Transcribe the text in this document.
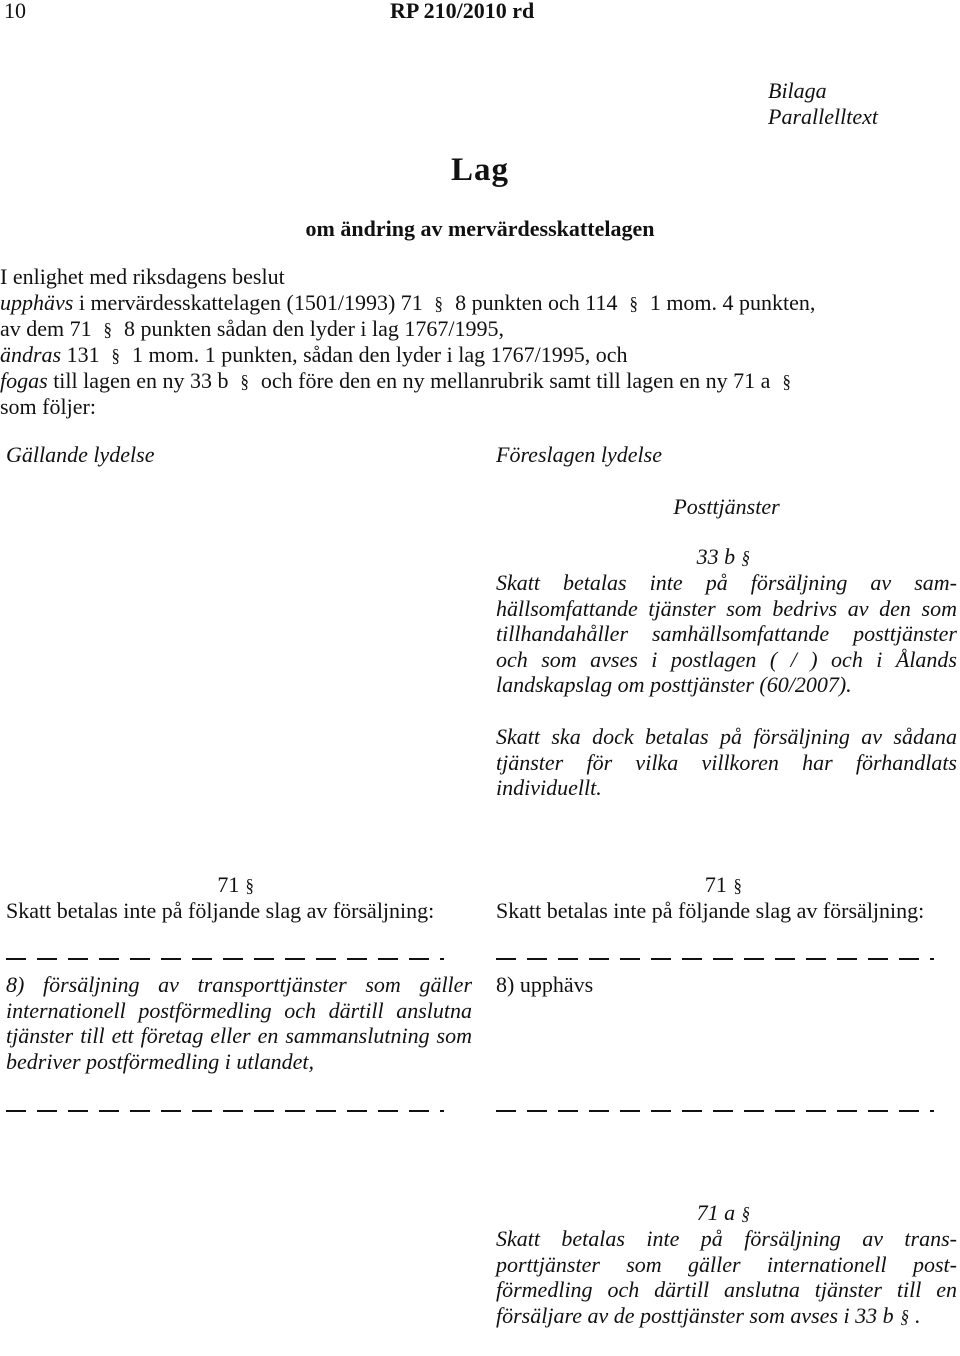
10	RP 210/2010 rd
Bilaga
Parallelltext
Lag
om ändring av mervärdesskattelagen
I enlighet med riksdagens beslut
upphävs i mervärdesskattelagen (1501/1993) 71 § 8 punkten och 114 § 1 mom. 4 punkten,
av dem 71 § 8 punkten sådan den lyder i lag 1767/1995,
ändras 131 § 1 mom. 1 punkten, sådan den lyder i lag 1767/1995, och
fogas till lagen en ny 33 b § och före den en ny mellanrubrik samt till lagen en ny 71 a §
som följer:
Gällande lydelse	Föreslagen lydelse
Posttjänster
33 b §
Skatt betalas inte på försäljning av samhällsomfattande tjänster som bedrivs av den som tillhandahåller samhällsomfattande posttjänster och som avses i postlagen ( / ) och i Ålands landskapslag om posttjänster (60/2007).
Skatt ska dock betalas på försäljning av sådana tjänster för vilka villkoren har förhandlats individuellt.
71 §
Skatt betalas inte på följande slag av försäljning:
8) försäljning av transporttjänster som gäller internationell postförmedling och därtill anslutna tjänster till ett företag eller en sammanslutning som bedriver postförmedling i utlandet,
71 §
Skatt betalas inte på följande slag av försäljning:
8) upphävs
71 a §
Skatt betalas inte på försäljning av transporttjänster som gäller internationell postförmedling och därtill anslutna tjänster till en försäljare av de posttjänster som avses i 33 b § .
